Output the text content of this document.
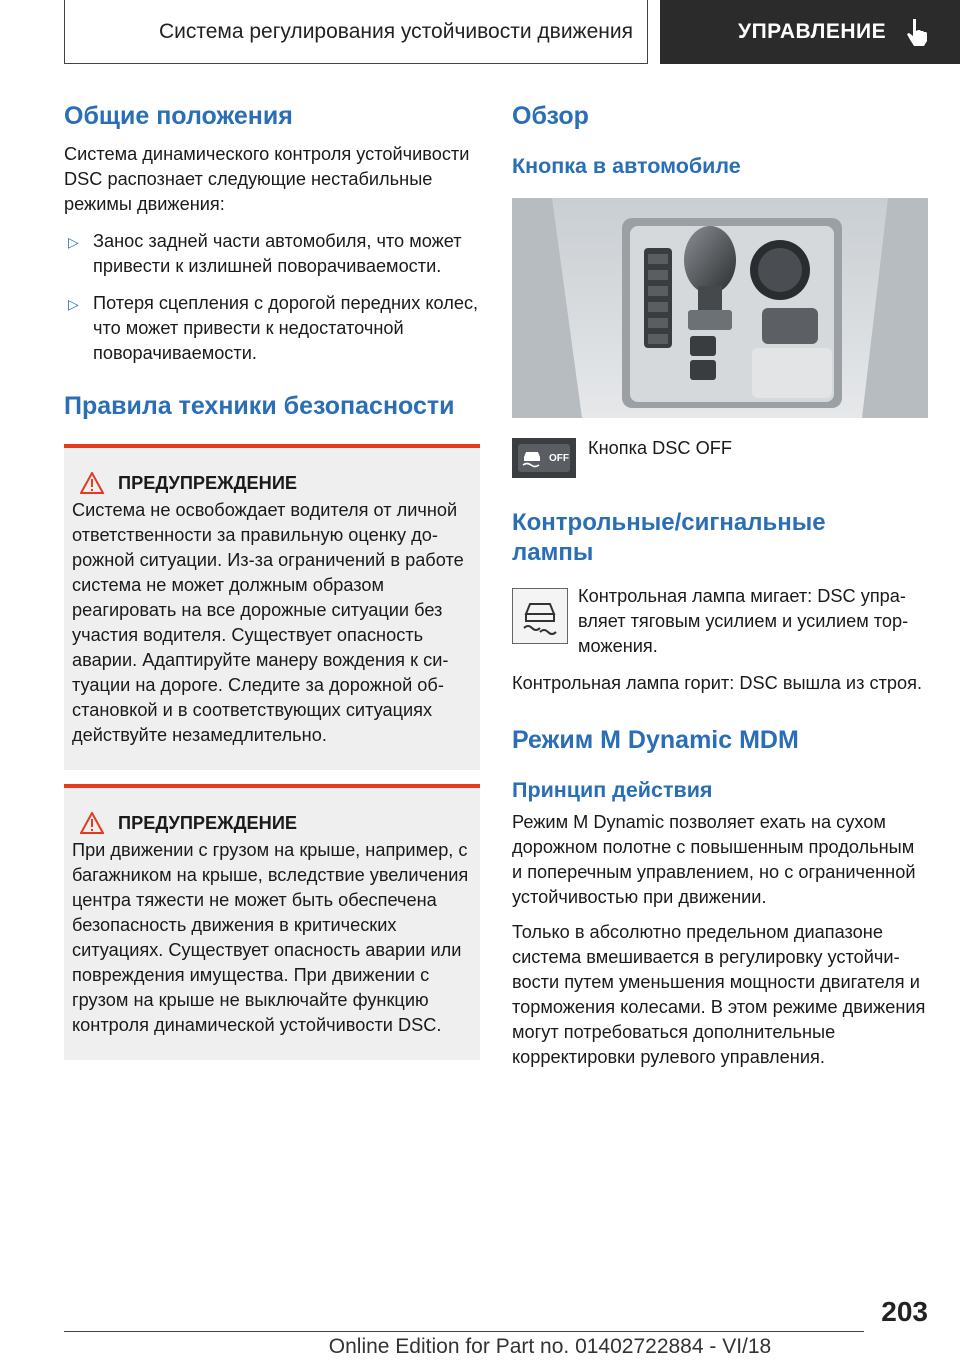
Система регулирования устойчивости движения	УПРАВЛЕНИЕ
Общие положения

Система динамического контроля устойчивости DSC распознает следующие нестабильные режимы движения:

▷ Занос задней части автомобиля, что может привести к излишней поворачиваемости.
▷ Потеря сцепления с дорогой передних колес, что может привести к недостаточной поворачиваемости.
Правила техники безопасности
ПРЕДУПРЕЖДЕНИЕ

Система не освобождает водителя от личной ответственности за правильную оценку дорожной ситуации. Из-за ограничений в работе система не может должным образом реагировать на все дорожные ситуации без участия водителя. Существует опасность аварии. Адаптируйте манеру вождения к ситуации на дороге. Следите за дорожной обстановкой и в соответствующих ситуациях действуйте незамедлительно.

ПРЕДУПРЕЖДЕНИЕ

При движении с грузом на крыше, например, с багажником на крыше, вследствие увеличения центра тяжести не может быть обеспечена безопасность движения в критических ситуациях. Существует опасность аварии или повреждения имущества. При движении с грузом на крыше не выключайте функцию контроля динамической устойчивости DSC.

Обзор
Кнопка в автомобиле
OFF Кнопка DSC OFF

Контрольные/сигнальные лампы

Контрольная лампа мигает: DSC управляет тяговым усилием и усилием торможения.

Контрольная лампа горит: DSC вышла из строя.

Режим M Dynamic MDM
Принцип действия

Режим M Dynamic позволяет ехать на сухом дорожном полотне с повышенным продольным и поперечным управлением, но с ограниченной устойчивостью при движении.

Только в абсолютно предельном диапазоне система вмешивается в регулировку устойчивости путем уменьшения мощности двигателя и торможения колесами. В этом режиме движения могут потребоваться дополнительные корректировки рулевого управления.

203
Online Edition for Part no. 01402722884 - VI/18
